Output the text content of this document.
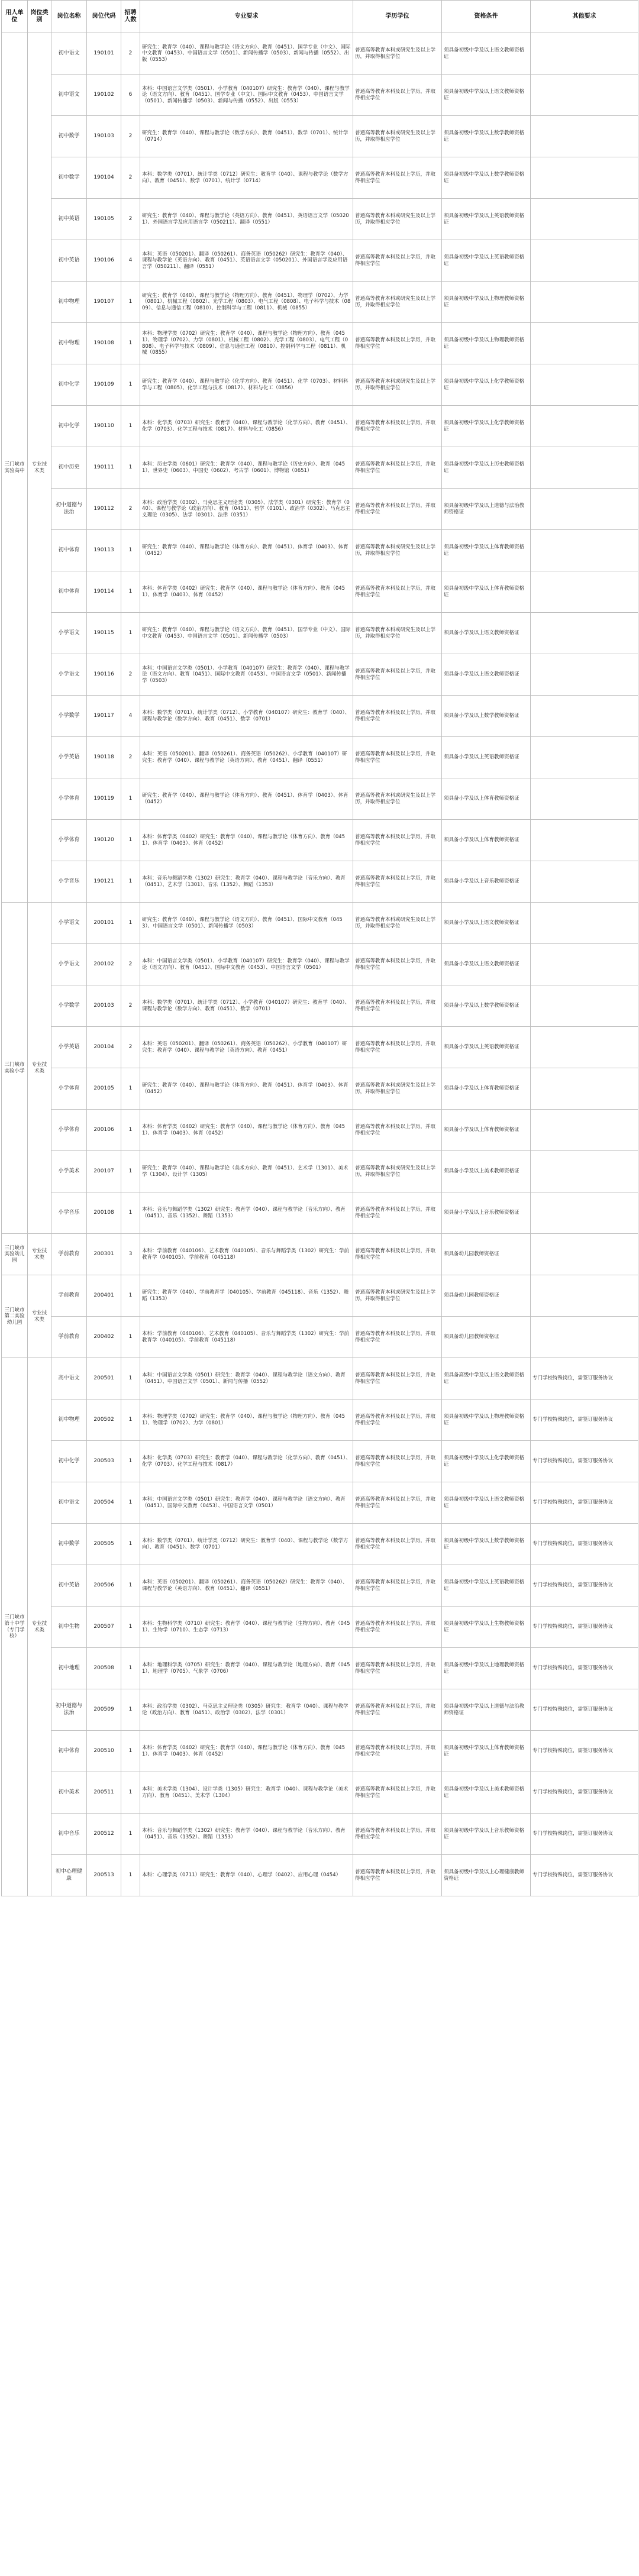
用人单位	岗位类别	岗位名称	岗位代码	招聘人数	专业要求	学历学位	资格条件	其他要求
三门峡市实验高中	专业技术类	初中语文	190101	2	研究生：教育学（040）、课程与教学论（语文方向）、教育（0451）、国学专业（中文）、国际中文教育（0453）、中国语言文学（0501）、新闻传播学（0503）、新闻与传播（0552）、出版（0553）	普通高等教育本科或研究生及以上学历，并取得相应学位	须具备初级中学及以上语文教师资格证	
		初中语文	190102	6	本科：中国语言文学类（0501）、小学教育（040107）研究生：教育学（040）、课程与教学论（语文方向）、教育（0451）、国学专业（中文）、国际中文教育（0453）、中国语言文学（0501）、新闻传播学（0503）、新闻与传播（0552）、出版（0553）	普通高等教育本科及以上学历，并取得相应学位	须具备初级中学及以上语文教师资格证	
		初中数学	190103	2	研究生：教育学（040）、课程与教学论（数学方向）、教育（0451）、数学（0701）、统计学（0714）	普通高等教育本科或研究生及以上学历，并取得相应学位	须具备初级中学及以上数学教师资格证	
		初中数学	190104	2	本科：数学类（0701）、统计学类（0712）研究生：教育学（040）、课程与教学论（数学方向）、教育（0451）、数学（0701）、统计学（0714）	普通高等教育本科及以上学历，并取得相应学位	须具备初级中学及以上数学教师资格证	
		初中英语	190105	2	研究生：教育学（040）、课程与教学论（英语方向）、教育（0451）、英语语言文学（050201）、外国语言学及应用语言学（050211）、翻译（0551）	普通高等教育本科或研究生及以上学历，并取得相应学位	须具备初级中学及以上英语教师资格证	
		初中英语	190106	4	本科：英语（050201）、翻译（050261）、商务英语（050262）研究生：教育学（040）、课程与教学论（英语方向）、教育（0451）、英语语言文学（050201）、外国语言学及应用语言学（050211）、翻译（0551）	普通高等教育本科及以上学历，并取得相应学位	须具备初级中学及以上英语教师资格证	
		初中物理	190107	1	研究生：教育学（040）、课程与教学论（物理方向）、教育（0451）、物理学（0702）、力学（0801）、机械工程（0802）、光学工程（0803）、电气工程（0808）、电子科学与技术（0809）、信息与通信工程（0810）、控制科学与工程（0811）、机械（0855）	普通高等教育本科或研究生及以上学历，并取得相应学位	须具备初级中学及以上物理教师资格证	
		初中物理	190108	1	本科：物理学类（0702）研究生：教育学（040）、课程与教学论（物理方向）、教育（0451）、物理学（0702）、力学（0801）、机械工程（0802）、光学工程（0803）、电气工程（0808）、电子科学与技术（0809）、信息与通信工程（0810）、控制科学与工程（0811）、机械（0855）	普通高等教育本科及以上学历，并取得相应学位	须具备初级中学及以上物理教师资格证	
		初中化学	190109	1	研究生：教育学（040）、课程与教学论（化学方向）、教育（0451）、化学（0703）、材料科学与工程（0805）、化学工程与技术（0817）、材料与化工（0856）	普通高等教育本科或研究生及以上学历，并取得相应学位	须具备初级中学及以上化学教师资格证	
		初中化学	190110	1	本科：化学类（0703）研究生：教育学（040）、课程与教学论（化学方向）、教育（0451）、化学（0703）、化学工程与技术（0817）、材料与化工（0856）	普通高等教育本科及以上学历，并取得相应学位	须具备初级中学及以上化学教师资格证	
		初中历史	190111	1	本科：历史学类（0601）研究生：教育学（040）、课程与教学论（历史方向）、教育（0451）、世界史（0603）、中国史（0602）、考古学（0601）、博物馆（0651）	普通高等教育本科及以上学历，并取得相应学位	须具备初级中学及以上历史教师资格证	
		初中道德与法治	190112	2	本科：政治学类（0302）、马克思主义理论类（0305）、法学类（0301）研究生：教育学（040）、课程与教学论（政治方向）、教育（0451）、哲学（0101）、政治学（0302）、马克思主义理论（0305）、法学（0301）、法律（0351）	普通高等教育本科及以上学历，并取得相应学位	须具备初级中学及以上道德与法治教师资格证	
		初中体育	190113	1	研究生：教育学（040）、课程与教学论（体育方向）、教育（0451）、体育学（0403）、体育（0452）	普通高等教育本科或研究生及以上学历，并取得相应学位	须具备初级中学及以上体育教师资格证	
		初中体育	190114	1	本科：体育学类（0402）研究生：教育学（040）、课程与教学论（体育方向）、教育（0451）、体育学（0403）、体育（0452）	普通高等教育本科及以上学历，并取得相应学位	须具备初级中学及以上体育教师资格证	
		小学语文	190115	1	研究生：教育学（040）、课程与教学论（语文方向）、教育（0451）、国学专业（中文）、国际中文教育（0453）、中国语言文学（0501）、新闻传播学（0503）	普通高等教育本科或研究生及以上学历，并取得相应学位	须具备小学及以上语文教师资格证	
		小学语文	190116	2	本科：中国语言文学类（0501）、小学教育（040107）研究生：教育学（040）、课程与教学论（语文方向）、教育（0451）、国际中文教育（0453）、中国语言文学（0501）、新闻传播学（0503）	普通高等教育本科及以上学历，并取得相应学位	须具备小学及以上语文教师资格证	
		小学数学	190117	4	本科：数学类（0701）、统计学类（0712）、小学教育（040107）研究生：教育学（040）、课程与教学论（数学方向）、教育（0451）、数学（0701）	普通高等教育本科及以上学历，并取得相应学位	须具备小学及以上数学教师资格证	
		小学英语	190118	2	本科：英语（050201）、翻译（050261）、商务英语（050262）、小学教育（040107）研究生：教育学（040）、课程与教学论（英语方向）、教育（0451）、翻译（0551）	普通高等教育本科及以上学历，并取得相应学位	须具备小学及以上英语教师资格证	
		小学体育	190119	1	研究生：教育学（040）、课程与教学论（体育方向）、教育（0451）、体育学（0403）、体育（0452）	普通高等教育本科或研究生及以上学历，并取得相应学位	须具备小学及以上体育教师资格证	
		小学体育	190120	1	本科：体育学类（0402）研究生：教育学（040）、课程与教学论（体育方向）、教育（0451）、体育学（0403）、体育（0452）	普通高等教育本科及以上学历，并取得相应学位	须具备小学及以上体育教师资格证	
		小学音乐	190121	1	本科：音乐与舞蹈学类（1302）研究生：教育学（040）、课程与教学论（音乐方向）、教育（0451）、艺术学（1301）、音乐（1352）、舞蹈（1353）	普通高等教育本科及以上学历，并取得相应学位	须具备小学及以上音乐教师资格证	
三门峡市实验小学	专业技术类	小学语文	200101	1	研究生：教育学（040）、课程与教学论（语文方向）、教育（0451）、国际中文教育（0453）、中国语言文学（0501）、新闻传播学（0503）	普通高等教育本科或研究生及以上学历，并取得相应学位	须具备小学及以上语文教师资格证	
		小学语文	200102	2	本科：中国语言文学类（0501）、小学教育（040107）研究生：教育学（040）、课程与教学论（语文方向）、教育（0451）、国际中文教育（0453）、中国语言文学（0501）	普通高等教育本科及以上学历，并取得相应学位	须具备小学及以上语文教师资格证	
		小学数学	200103	2	本科：数学类（0701）、统计学类（0712）、小学教育（040107）研究生：教育学（040）、课程与教学论（数学方向）、教育（0451）、数学（0701）	普通高等教育本科及以上学历，并取得相应学位	须具备小学及以上数学教师资格证	
		小学英语	200104	2	本科：英语（050201）、翻译（050261）、商务英语（050262）、小学教育（040107）研究生：教育学（040）、课程与教学论（英语方向）、教育（0451）	普通高等教育本科及以上学历，并取得相应学位	须具备小学及以上英语教师资格证	
		小学体育	200105	1	研究生：教育学（040）、课程与教学论（体育方向）、教育（0451）、体育学（0403）、体育（0452）	普通高等教育本科或研究生及以上学历，并取得相应学位	须具备小学及以上体育教师资格证	
		小学体育	200106	1	本科：体育学类（0402）研究生：教育学（040）、课程与教学论（体育方向）、教育（0451）、体育学（0403）、体育（0452）	普通高等教育本科及以上学历，并取得相应学位	须具备小学及以上体育教师资格证	
		小学美术	200107	1	研究生：教育学（040）、课程与教学论（美术方向）、教育（0451）、艺术学（1301）、美术学（1304）、设计学（1305）	普通高等教育本科或研究生及以上学历，并取得相应学位	须具备小学及以上美术教师资格证	
		小学音乐	200108	1	本科：音乐与舞蹈学类（1302）研究生：教育学（040）、课程与教学论（音乐方向）、教育（0451）、音乐（1352）、舞蹈（1353）	普通高等教育本科及以上学历，并取得相应学位	须具备小学及以上音乐教师资格证	
三门峡市实验幼儿园	专业技术类	学前教育	200301	3	本科：学前教育（040106）、艺术教育（040105）、音乐与舞蹈学类（1302）研究生：学前教育学（040105）、学前教育（045118）	普通高等教育本科及以上学历，并取得相应学位	须具备幼儿园教师资格证	
三门峡市第二实验幼儿园	专业技术类	学前教育	200401	1	研究生：教育学（040）、学前教育学（040105）、学前教育（045118）、音乐（1352）、舞蹈（1353）	普通高等教育本科或研究生及以上学历，并取得相应学位	须具备幼儿园教师资格证	
		学前教育	200402	1	本科：学前教育（040106）、艺术教育（040105）、音乐与舞蹈学类（1302）研究生：学前教育学（040105）、学前教育（045118）	普通高等教育本科及以上学历，并取得相应学位	须具备幼儿园教师资格证	
三门峡市第十中学（专门学校）	专业技术类	高中语文	200501	1	本科：中国语言文学类（0501）研究生：教育学（040）、课程与教学论（语文方向）、教育（0451）、中国语言文学（0501）、新闻与传播（0552）	普通高等教育本科及以上学历，并取得相应学位	须具备高级中学及以上语文教师资格证	专门学校特殊岗位，需签订服务协议
		初中物理	200502	1	本科：物理学类（0702）研究生：教育学（040）、课程与教学论（物理方向）、教育（0451）、物理学（0702）、力学（0801）	普通高等教育本科及以上学历，并取得相应学位	须具备初级中学及以上物理教师资格证	专门学校特殊岗位，需签订服务协议
		初中化学	200503	1	本科：化学类（0703）研究生：教育学（040）、课程与教学论（化学方向）、教育（0451）、化学（0703）、化学工程与技术（0817）	普通高等教育本科及以上学历，并取得相应学位	须具备初级中学及以上化学教师资格证	专门学校特殊岗位，需签订服务协议
		初中语文	200504	1	本科：中国语言文学类（0501）研究生：教育学（040）、课程与教学论（语文方向）、教育（0451）、国际中文教育（0453）、中国语言文学（0501）	普通高等教育本科及以上学历，并取得相应学位	须具备初级中学及以上语文教师资格证	专门学校特殊岗位，需签订服务协议
		初中数学	200505	1	本科：数学类（0701）、统计学类（0712）研究生：教育学（040）、课程与教学论（数学方向）、教育（0451）、数学（0701）	普通高等教育本科及以上学历，并取得相应学位	须具备初级中学及以上数学教师资格证	专门学校特殊岗位，需签订服务协议
		初中英语	200506	1	本科：英语（050201）、翻译（050261）、商务英语（050262）研究生：教育学（040）、课程与教学论（英语方向）、教育（0451）、翻译（0551）	普通高等教育本科及以上学历，并取得相应学位	须具备初级中学及以上英语教师资格证	专门学校特殊岗位，需签订服务协议
		初中生物	200507	1	本科：生物科学类（0710）研究生：教育学（040）、课程与教学论（生物方向）、教育（0451）、生物学（0710）、生态学（0713）	普通高等教育本科及以上学历，并取得相应学位	须具备初级中学及以上生物教师资格证	专门学校特殊岗位，需签订服务协议
		初中地理	200508	1	本科：地理科学类（0705）研究生：教育学（040）、课程与教学论（地理方向）、教育（0451）、地理学（0705）、气象学（0706）	普通高等教育本科及以上学历，并取得相应学位	须具备初级中学及以上地理教师资格证	专门学校特殊岗位，需签订服务协议
		初中道德与法治	200509	1	本科：政治学类（0302）、马克思主义理论类（0305）研究生：教育学（040）、课程与教学论（政治方向）、教育（0451）、政治学（0302）、法学（0301）	普通高等教育本科及以上学历，并取得相应学位	须具备初级中学及以上道德与法治教师资格证	专门学校特殊岗位，需签订服务协议
		初中体育	200510	1	本科：体育学类（0402）研究生：教育学（040）、课程与教学论（体育方向）、教育（0451）、体育学（0403）、体育（0452）	普通高等教育本科及以上学历，并取得相应学位	须具备初级中学及以上体育教师资格证	专门学校特殊岗位，需签订服务协议
		初中美术	200511	1	本科：美术学类（1304）、设计学类（1305）研究生：教育学（040）、课程与教学论（美术方向）、教育（0451）、美术学（1304）	普通高等教育本科及以上学历，并取得相应学位	须具备初级中学及以上美术教师资格证	专门学校特殊岗位，需签订服务协议
		初中音乐	200512	1	本科：音乐与舞蹈学类（1302）研究生：教育学（040）、课程与教学论（音乐方向）、教育（0451）、音乐（1352）、舞蹈（1353）	普通高等教育本科及以上学历，并取得相应学位	须具备初级中学及以上音乐教师资格证	专门学校特殊岗位，需签订服务协议
		初中心理健康	200513	1	本科：心理学类（0711）研究生：教育学（040）、心理学（0402）、应用心理（0454）	普通高等教育本科及以上学历，并取得相应学位	须具备初级中学及以上心理健康教师资格证	专门学校特殊岗位，需签订服务协议
